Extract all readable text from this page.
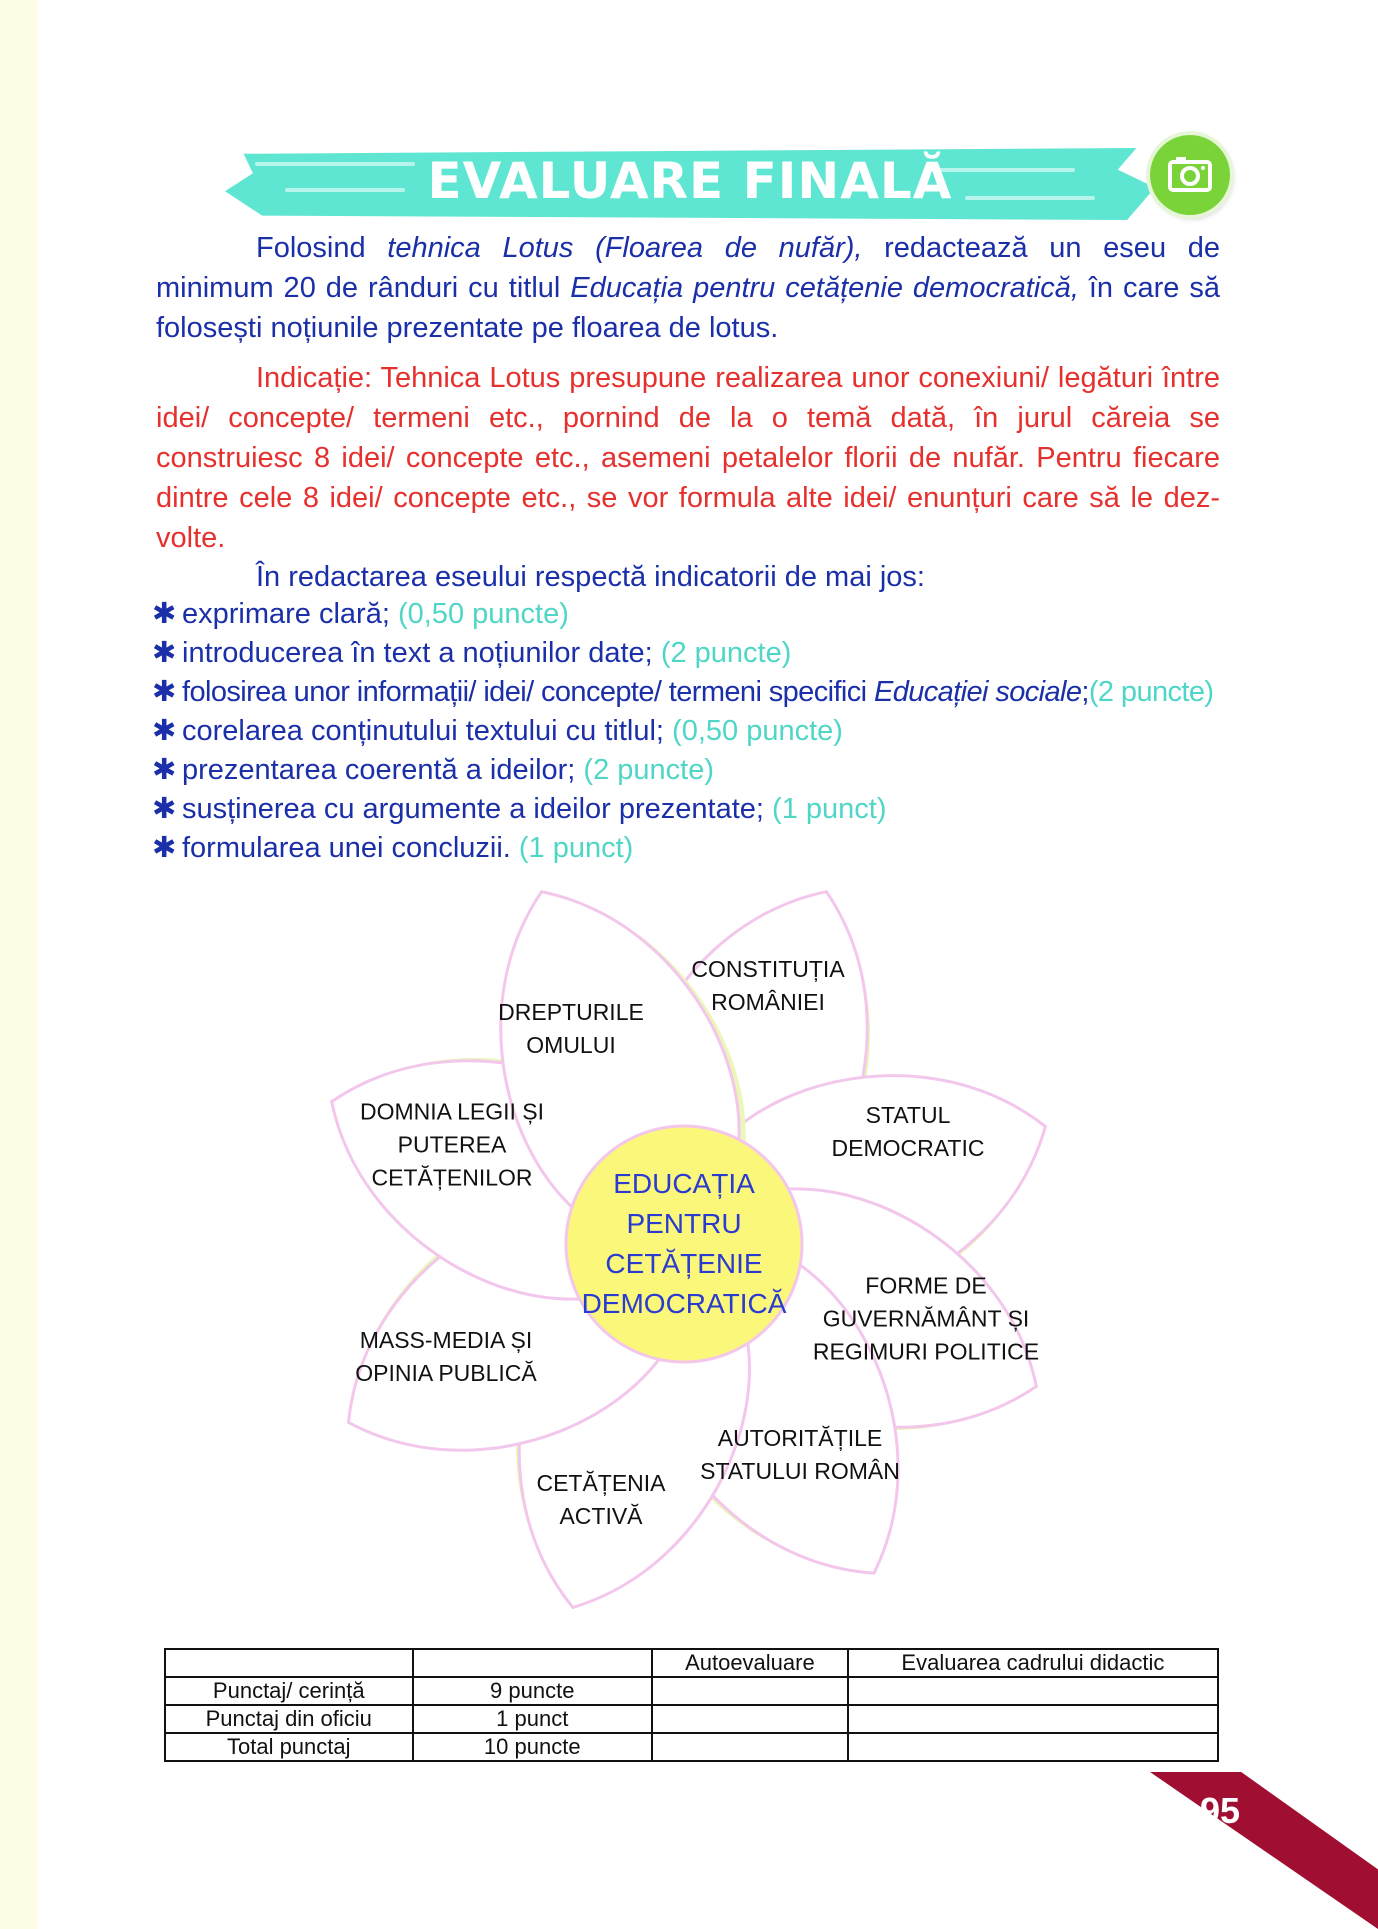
EVALUARE FINALĂ

Folosind tehnica Lotus (Floarea de nufăr), redactează un eseu de minimum 20 de rânduri cu titlul Educația pentru cetățenie democratică, în care să folosești noțiunile prezentate pe floarea de lotus.

Indicație: Tehnica Lotus presupune realizarea unor conexiuni/ legături între idei/ concepte/ termeni etc., pornind de la o temă dată, în jurul căreia se construiesc 8 idei/ concepte etc., asemeni petalelor florii de nufăr. Pentru fiecare dintre cele 8 idei/ concepte etc., se vor formula alte idei/ enunțuri care să le dez-volte.

În redactarea eseului respectă indicatorii de mai jos:

✱ exprimare clară; (0,50 puncte)
✱ introducerea în text a noțiunilor date; (2 puncte)
✱ folosirea unor informații/ idei/ concepte/ termeni specifici Educației sociale;(2 puncte)
✱ corelarea conținutului textului cu titlul; (0,50 puncte)
✱ prezentarea coerentă a ideilor; (2 puncte)
✱ susținerea cu argumente a ideilor prezentate; (1 punct)
✱ formularea unei concluzii. (1 punct)
EDUCAȚIA
PENTRU
CETĂȚENIE
DEMOCRATICĂ
CONSTITUȚIA
ROMÂNIEI
STATUL
DEMOCRATIC
FORME DE
GUVERNĂMÂNT ȘI
REGIMURI POLITICE
AUTORITĂȚILE
STATULUI ROMÂN
CETĂȚENIA
ACTIVĂ
MASS-MEDIA ȘI
OPINIA PUBLICĂ
DOMNIA LEGII ȘI
PUTEREA CETĂȚENILOR
DREPTURILE
OMULUI
		Autoevaluare	Evaluarea cadrului didactic
Punctaj/ cerință	9 puncte		
Punctaj din oficiu	1 punct		
Total punctaj	10 puncte		
95
